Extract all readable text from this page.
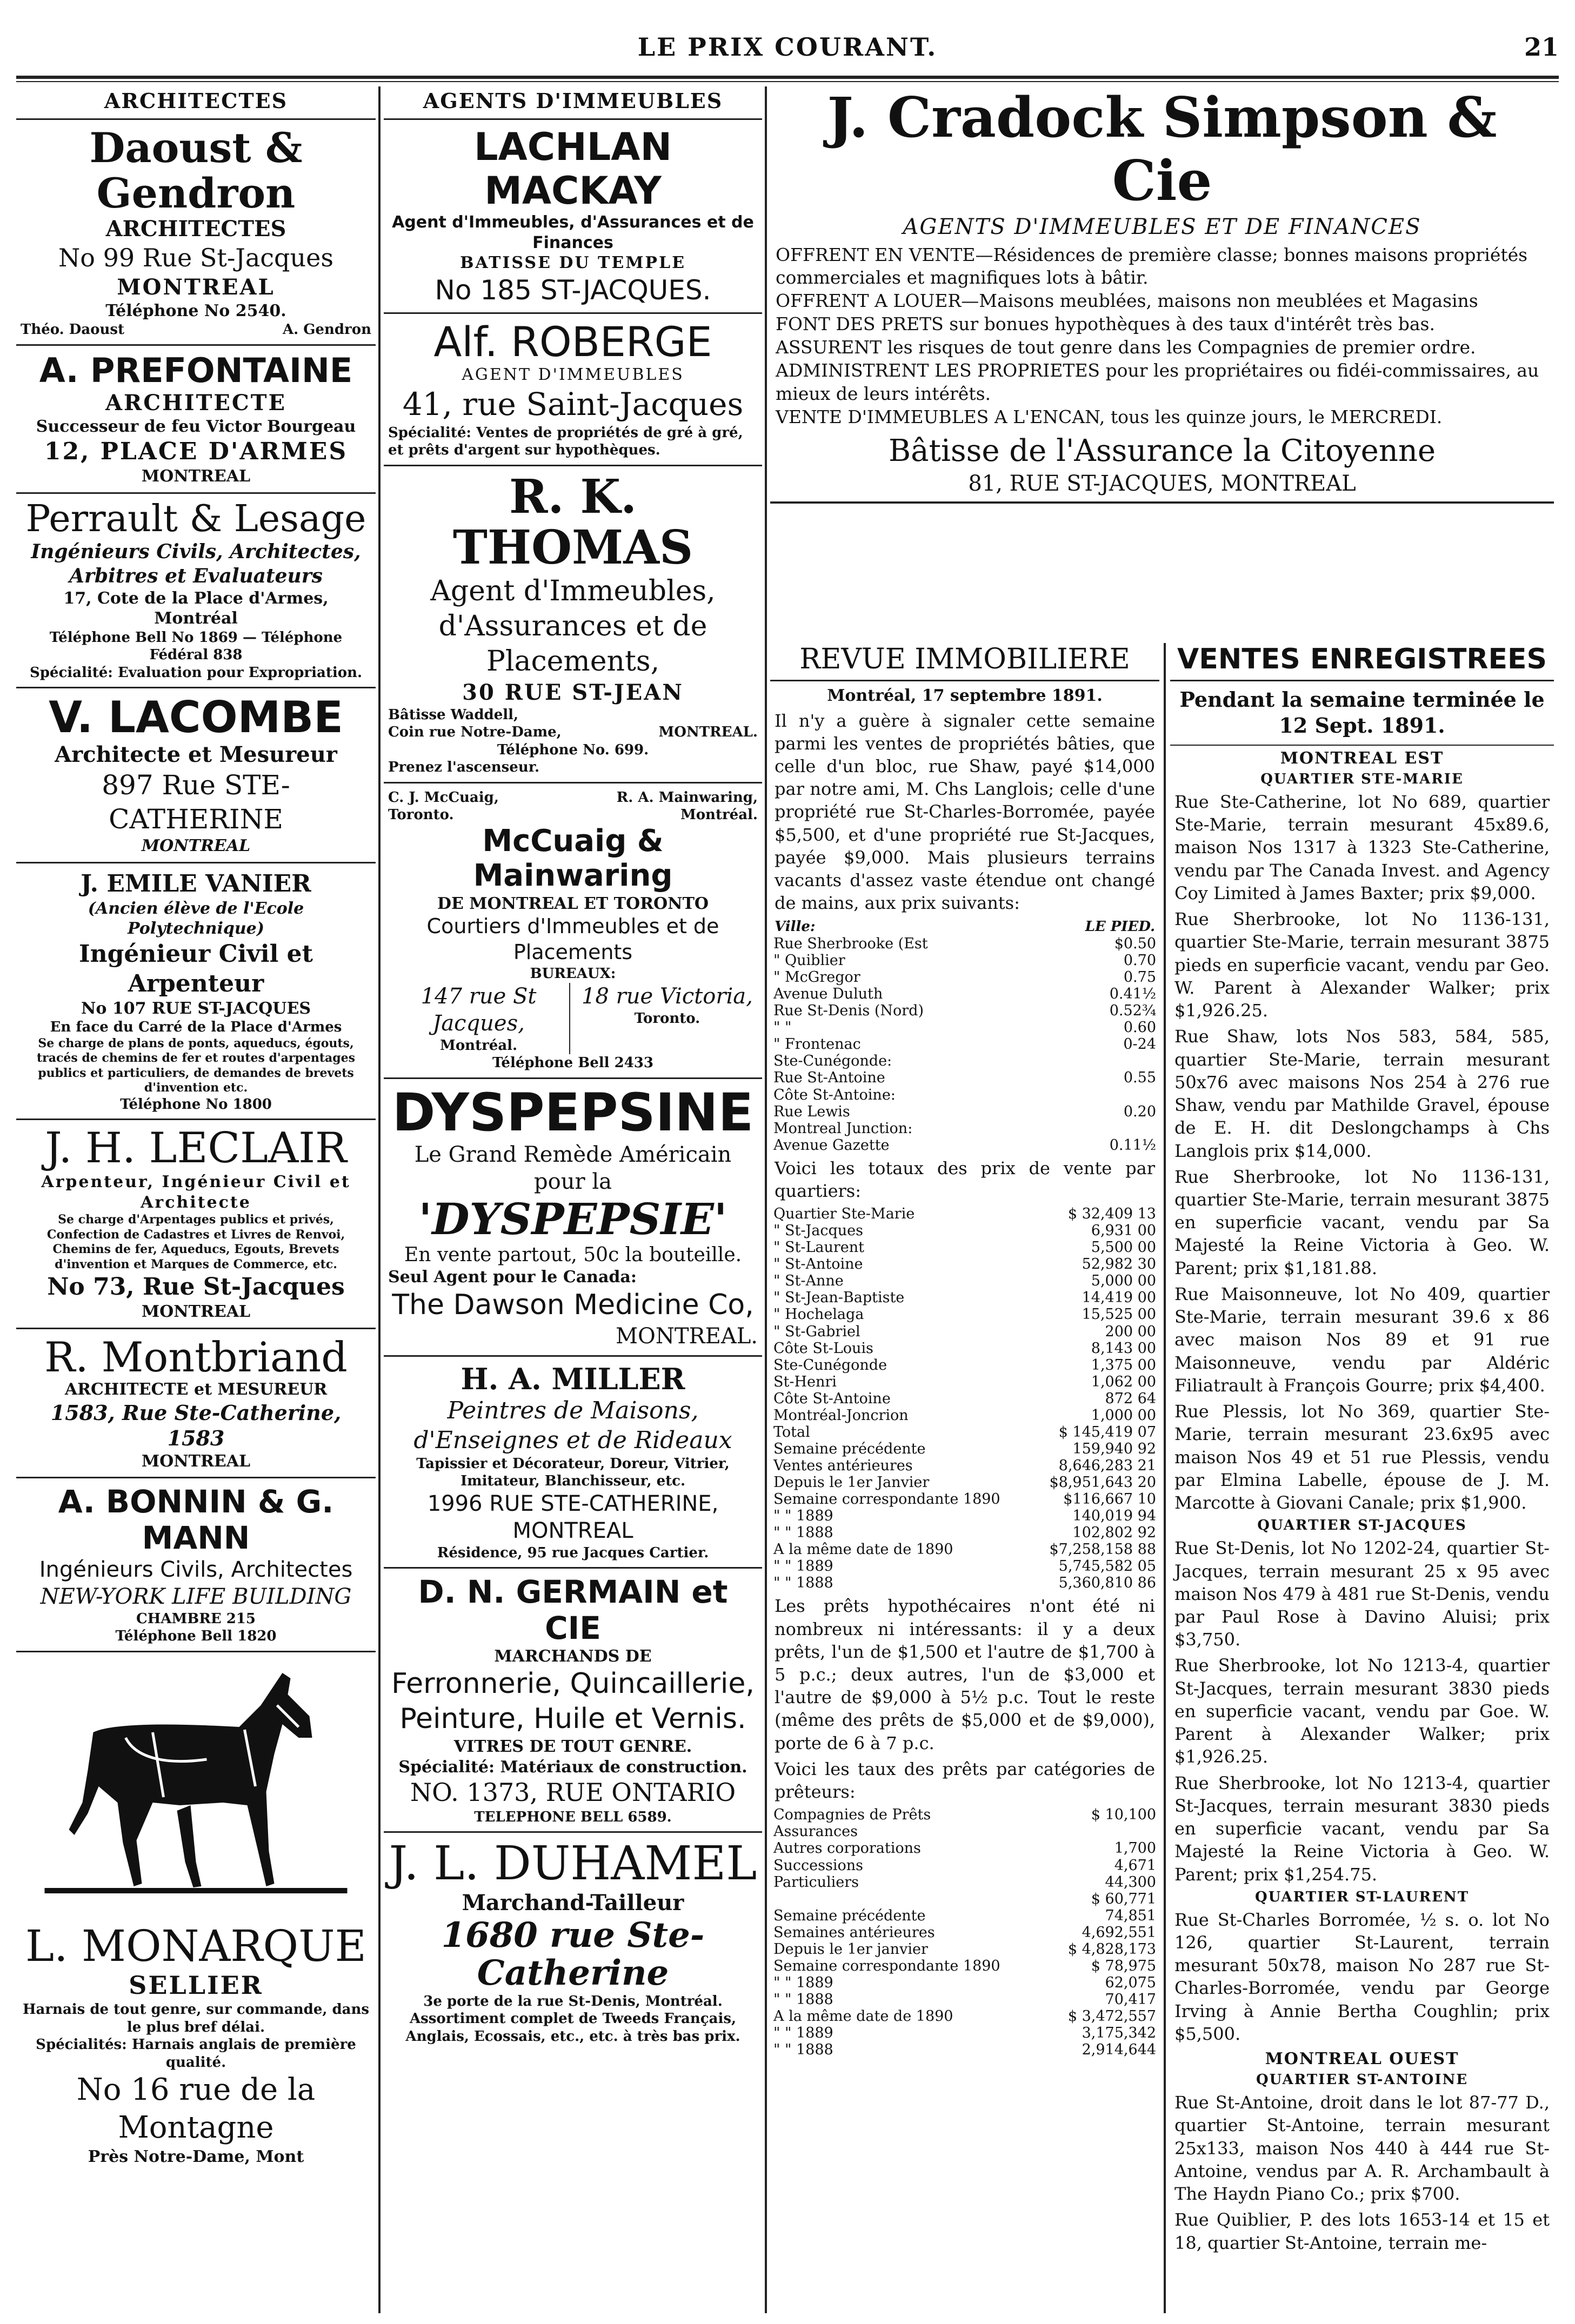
LE PRIX COURANT.	21
ARCHITECTES
Daoust & Gendron
ARCHITECTES
No 99 Rue St-Jacques
MONTREAL
Téléphone No 2540.
Théo. Daoust	A. Gendron
A. PREFONTAINE
ARCHITECTE
Successeur de feu Victor Bourgeau
12, PLACE D'ARMES
MONTREAL
Perrault & Lesage
Ingénieurs Civils, Architectes, Arbitres et Evaluateurs
17, Cote de la Place d'Armes, Montréal
Téléphone Bell No 1869 — Téléphone Fédéral 838
Spécialité: Evaluation pour Expropriation.
V. LACOMBE
Architecte et Mesureur
897 Rue STE-CATHERINE
MONTREAL
J. EMILE VANIER
(Ancien élève de l'Ecole Polytechnique)
Ingénieur Civil et Arpenteur
No 107 RUE ST-JACQUES
En face du Carré de la Place d'Armes
Se charge de plans de ponts, aqueducs, égouts, tracés de chemins de fer et routes d'arpentages publics et particuliers, de demandes de brevets d'invention etc.
Téléphone No 1800
J. H. LECLAIR
Arpenteur, Ingénieur Civil et Architecte
Se charge d'Arpentages publics et privés, Confection de Cadastres et Livres de Renvoi, Chemins de fer, Aqueducs, Egouts, Brevets d'invention et Marques de Commerce, etc.
No 73, Rue St-Jacques
MONTREAL
R. Montbriand
ARCHITECTE et MESUREUR
1583, Rue Ste-Catherine, 1583
MONTREAL
A. BONNIN & G. MANN
Ingénieurs Civils, Architectes
NEW-YORK LIFE BUILDING
CHAMBRE 215
Téléphone Bell 1820
L. MONARQUE
SELLIER
Harnais de tout genre, sur commande, dans le plus bref délai.
Spécialités: Harnais anglais de première qualité.
No 16 rue de la Montagne
Près Notre-Dame, Mont
AGENTS D'IMMEUBLES
LACHLAN MACKAY
Agent d'Immeubles, d'Assurances et de Finances
BATISSE DU TEMPLE
No 185 ST-JACQUES.
Alf. ROBERGE
AGENT D'IMMEUBLES
41, rue Saint-Jacques
Spécialité: Ventes de propriétés de gré à gré, et prêts d'argent sur hypothèques.
R. K. THOMAS
Agent d'Immeubles,
d'Assurances et de Placements,
30 RUE ST-JEAN
Bâtisse Waddell,
Coin rue Notre-Dame,	MONTREAL.
Téléphone No. 699.
Prenez l'ascenseur.
C. J. McCuaig,	R. A. Mainwaring,
Toronto.	Montréal.
McCuaig & Mainwaring
DE MONTREAL ET TORONTO
Courtiers d'Immeubles et de Placements
BUREAUX:
147 rue St Jacques,
Montréal.
18 rue Victoria,
Toronto.
Téléphone Bell 2433
DYSPEPSINE
Le Grand Remède Américain pour la
'DYSPEPSIE'
En vente partout, 50c la bouteille.
Seul Agent pour le Canada:
The Dawson Medicine Co,
MONTREAL.
H. A. MILLER
Peintres de Maisons, d'Enseignes et de Rideaux
Tapissier et Décorateur, Doreur, Vitrier, Imitateur, Blanchisseur, etc.
1996 RUE STE-CATHERINE, MONTREAL
Résidence, 95 rue Jacques Cartier.
D. N. GERMAIN et CIE
MARCHANDS DE
Ferronnerie, Quincaillerie, Peinture, Huile et Vernis.
VITRES DE TOUT GENRE.
Spécialité: Matériaux de construction.
NO. 1373, RUE ONTARIO
TELEPHONE BELL 6589.
J. L. DUHAMEL
Marchand-Tailleur
1680 rue Ste-Catherine
3e porte de la rue St-Denis, Montréal.
Assortiment complet de Tweeds Français, Anglais, Ecossais, etc., etc. à très bas prix.
J. Cradock Simpson & Cie
AGENTS D'IMMEUBLES ET DE FINANCES

OFFRENT EN VENTE—Résidences de première classe; bonnes maisons propriétés commerciales et magnifiques lots à bâtir.

OFFRENT A LOUER—Maisons meublées, maisons non meublées et Magasins

FONT DES PRETS sur bonues hypothèques à des taux d'intérêt très bas.

ASSURENT les risques de tout genre dans les Compagnies de premier ordre.

ADMINISTRENT LES PROPRIETES pour les propriétaires ou fidéi-commissaires, au mieux de leurs intérêts.

VENTE D'IMMEUBLES A L'ENCAN, tous les quinze jours, le MERCREDI.

Bâtisse de l'Assurance la Citoyenne
81, RUE ST-JACQUES, MONTREAL
REVUE IMMOBILIERE
Montréal, 17 septembre 1891.
Il n'y a guère à signaler cette semaine parmi les ventes de propriétés bâties, que celle d'un bloc, rue Shaw, payé $14,000 par notre ami, M. Chs Langlois; celle d'une propriété rue St-Charles-Borromée, payée $5,500, et d'une propriété rue St-Jacques, payée $9,000. Mais plusieurs terrains vacants d'assez vaste étendue ont changé de mains, aux prix suivants:
Ville:	LE PIED.
Rue Sherbrooke (Est	$0.50
" Quiblier	0.70
" McGregor	0.75
Avenue Duluth	0.41½
Rue St-Denis (Nord)	0.52¾
" "	0.60
" Frontenac	0-24
Ste-Cunégonde:	
Rue St-Antoine	0.55
Côte St-Antoine:	
Rue Lewis	0.20
Montreal Junction:	
Avenue Gazette	0.11½
Voici les totaux des prix de vente par quartiers:
Quartier Ste-Marie	$ 32,409 13
" St-Jacques	6,931 00
" St-Laurent	5,500 00
" St-Antoine	52,982 30
" St-Anne	5,000 00
" St-Jean-Baptiste	14,419 00
" Hochelaga	15,525 00
" St-Gabriel	200 00
Côte St-Louis	8,143 00
Ste-Cunégonde	1,375 00
St-Henri	1,062 00
Côte St-Antoine	872 64
Montréal-Joncrion	1,000 00
Total	$ 145,419 07
Semaine précédente	159,940 92
Ventes antérieures	8,646,283 21
Depuis le 1er Janvier	$8,951,643 20
Semaine correspondante 1890	$116,667 10
" " 1889	140,019 94
" " 1888	102,802 92
A la même date de 1890	$7,258,158 88
" " 1889	5,745,582 05
" " 1888	5,360,810 86
Les prêts hypothécaires n'ont été ni nombreux ni intéressants: il y a deux prêts, l'un de $1,500 et l'autre de $1,700 à 5 p.c.; deux autres, l'un de $3,000 et l'autre de $9,000 à 5½ p.c. Tout le reste (même des prêts de $5,000 et de $9,000), porte de 6 à 7 p.c.
Voici les taux des prêts par catégories de prêteurs:
Compagnies de Prêts	$ 10,100
Assurances	
Autres corporations	1,700
Successions	4,671
Particuliers	44,300
	$ 60,771
Semaine précédente	74,851
Semaines antérieures	4,692,551
Depuis le 1er janvier	$ 4,828,173
Semaine correspondante 1890	$ 78,975
" " 1889	62,075
" " 1888	70,417
A la même date de 1890	$ 3,472,557
" " 1889	3,175,342
" " 1888	2,914,644
VENTES ENREGISTREES
Pendant la semaine terminée le 12 Sept. 1891.
MONTREAL EST
QUARTIER STE-MARIE
Rue Ste-Catherine, lot No 689, quartier Ste-Marie, terrain mesurant 45x89.6, maison Nos 1317 à 1323 Ste-Catherine, vendu par The Canada Invest. and Agency Coy Limited à James Baxter; prix $9,000.
Rue Sherbrooke, lot No 1136-131, quartier Ste-Marie, terrain mesurant 3875 pieds en superficie vacant, vendu par Geo. W. Parent à Alexander Walker; prix $1,926.25.
Rue Shaw, lots Nos 583, 584, 585, quartier Ste-Marie, terrain mesurant 50x76 avec maisons Nos 254 à 276 rue Shaw, vendu par Mathilde Gravel, épouse de E. H. dit Deslongchamps à Chs Langlois prix $14,000.
Rue Sherbrooke, lot No 1136-131, quartier Ste-Marie, terrain mesurant 3875 en superficie vacant, vendu par Sa Majesté la Reine Victoria à Geo. W. Parent; prix $1,181.88.
Rue Maisonneuve, lot No 409, quartier Ste-Marie, terrain mesurant 39.6 x 86 avec maison Nos 89 et 91 rue Maisonneuve, vendu par Aldéric Filiatrault à François Gourre; prix $4,400.
Rue Plessis, lot No 369, quartier Ste-Marie, terrain mesurant 23.6x95 avec maison Nos 49 et 51 rue Plessis, vendu par Elmina Labelle, épouse de J. M. Marcotte à Giovani Canale; prix $1,900.
QUARTIER ST-JACQUES
Rue St-Denis, lot No 1202-24, quartier St-Jacques, terrain mesurant 25 x 95 avec maison Nos 479 à 481 rue St-Denis, vendu par Paul Rose à Davino Aluisi; prix $3,750.
Rue Sherbrooke, lot No 1213-4, quartier St-Jacques, terrain mesurant 3830 pieds en superficie vacant, vendu par Goe. W. Parent à Alexander Walker; prix $1,926.25.
Rue Sherbrooke, lot No 1213-4, quartier St-Jacques, terrain mesurant 3830 pieds en superficie vacant, vendu par Sa Majesté la Reine Victoria à Geo. W. Parent; prix $1,254.75.
QUARTIER ST-LAURENT
Rue St-Charles Borromée, ½ s. o. lot No 126, quartier St-Laurent, terrain mesurant 50x78, maison No 287 rue St-Charles-Borromée, vendu par George Irving à Annie Bertha Coughlin; prix $5,500.
MONTREAL OUEST
QUARTIER ST-ANTOINE
Rue St-Antoine, droit dans le lot 87-77 D., quartier St-Antoine, terrain mesurant 25x133, maison Nos 440 à 444 rue St-Antoine, vendus par A. R. Archambault à The Haydn Piano Co.; prix $700.
Rue Quiblier, P. des lots 1653-14 et 15 et 18, quartier St-Antoine, terrain me-
